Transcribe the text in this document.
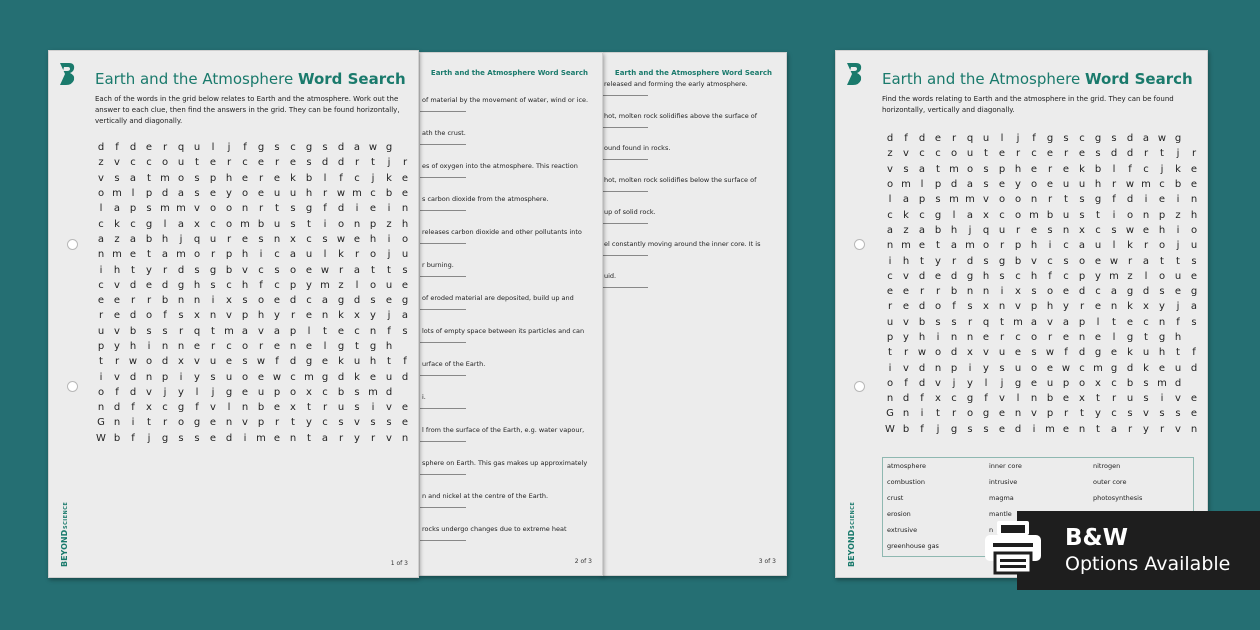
Earth and the Atmosphere Word Search
released and forming the early atmosphere.
hot, molten rock solidifies above the surface of
ound found in rocks.
hot, molten rock solidifies below the surface of
up of solid rock.
el constantly moving around the inner core. It is
uid.
3 of 3
Earth and the Atmosphere Word Search
of material by the movement of water, wind or ice.
ath the crust.
es of oxygen into the atmosphere. This reaction
s carbon dioxide from the atmosphere.
releases carbon dioxide and other pollutants into
r burning.
of eroded material are deposited, build up and
lots of empty space between its particles and can
urface of the Earth.
i.
l from the surface of the Earth, e.g. water vapour,
sphere on Earth. This gas makes up approximately
n and nickel at the centre of the Earth.
rocks undergo changes due to extreme heat
2 of 3
BEYOND
SCIENCE
Earth and the Atmosphere Word Search
Each of the words in the grid below relates to Earth and the atmosphere. Work out the answer to each clue, then find the answers in the grid. They can be found horizontally, vertically and diagonally.
d	f	d e	r	q u	l	j	f	g	s	c	g	s	d a w g
z	v	c	c	o u	t	e	r	c	e	r	e	s	d d	r	t	j	r
v	s	a	t m o	s	p h e	r	e	k b	l	f	c	j	k	e
o m l	p d a	s	e y o e u u h	r w m c	b e
l	a p	s m m v o o n	r	t	s	g	f	d	i	e	i	n
c	k	c	g	l	a x	c	o m b u	s	t	i	o n p	z	h
a	z	a b h	j	q u	r	e	s	n x	c	s w e h	i	o
n m e	t	a m o	r	p h	i	c	a u	l	k	r	o	j	u
i	h	t	y	r	d	s	g b v	c	s	o e w r	a	t	t	s
c	v d e d g h	s	c	h	f	c	p y m z	l	o u e
e e	r	r	b n n	i	x	s	o e d	c	a g d	s	e g
r	e d o	f	s	x n v p h y	r	e n k	x	y	j	a
u v b	s	s	r	q	t m a v a p	l	t	e	c	n	f	s
p y h	i	n n e	r	c	o	r	e n e	l	g	t	g h
t	r w o d x	v u e	s w	f	d g e	k u h	t	f
i	v d n p	i	y	s	u o e w c m g d k	e u d
o	f	d v	j	y	l	j	g e u p o x	c	b	s m d
n d	f	x	c	g	f	v	l	n b e x	t	r	u	s	i	v e
G n	i	t	r	o g e n v p	r	t	y	c	s	v	s	s	e
W b	f	j	g	s	s	e d	i m e n	t	a	r	y	r	v n
1 of 3	BEYOND
SCIENCE
Earth and the Atmosphere Word Search
Find the words relating to Earth and the atmosphere in the grid. They can be found horizontally, vertically and diagonally.
d	f	d e	r	q u	l	j	f	g	s	c	g	s	d a w g
z	v	c	c	o u	t	e	r	c	e	r	e	s	d d	r	t	j	r
v	s	a	t m o	s	p h e	r	e	k b	l	f	c	j	k	e
o m l	p d a	s	e y o e u u h	r w m c	b e
l	a p	s m m v o o n	r	t	s	g	f	d	i	e	i	n
c	k	c	g	l	a x	c	o m b u	s	t	i	o n p	z	h
a	z	a b h	j	q u	r	e	s	n x	c	s w e h	i	o
n m e	t	a m o	r	p h	i	c	a u	l	k	r	o	j	u
i	h	t	y	r	d	s	g b v	c	s	o e w r	a	t	t	s
c	v d e d g h	s	c	h	f	c	p y m z	l	o u e
e e	r	r	b n n	i	x	s	o e d	c	a g d	s	e g
r	e d o	f	s	x n v p h y	r	e n k	x	y	j	a
u v b	s	s	r	q	t m a v a p	l	t	e	c	n	f	s
p y h	i	n n e	r	c	o	r	e n e	l	g	t	g h
t	r w o d x	v u e	s w	f	d g e	k u h	t	f
i	v d n p	i	y	s	u o e w c m g d k	e u d
o	f	d v	j	y	l	j	g e u p o x	c	b	s m d
n d	f	x	c	g	f	v	l	n b e x	t	r	u	s	i	v e
G n	i	t	r	o g e n v p	r	t	y	c	s	v	s	s	e
W b	f	j	g	s	s	e d	i m e n	t	a	r	y	r	v n
atmosphere	inner core	nitrogen
combustion	intrusive	outer core
crust	magma	photosynthesis
erosion	mantle
extrusive	n
greenhouse gas	B&W
Options Available
